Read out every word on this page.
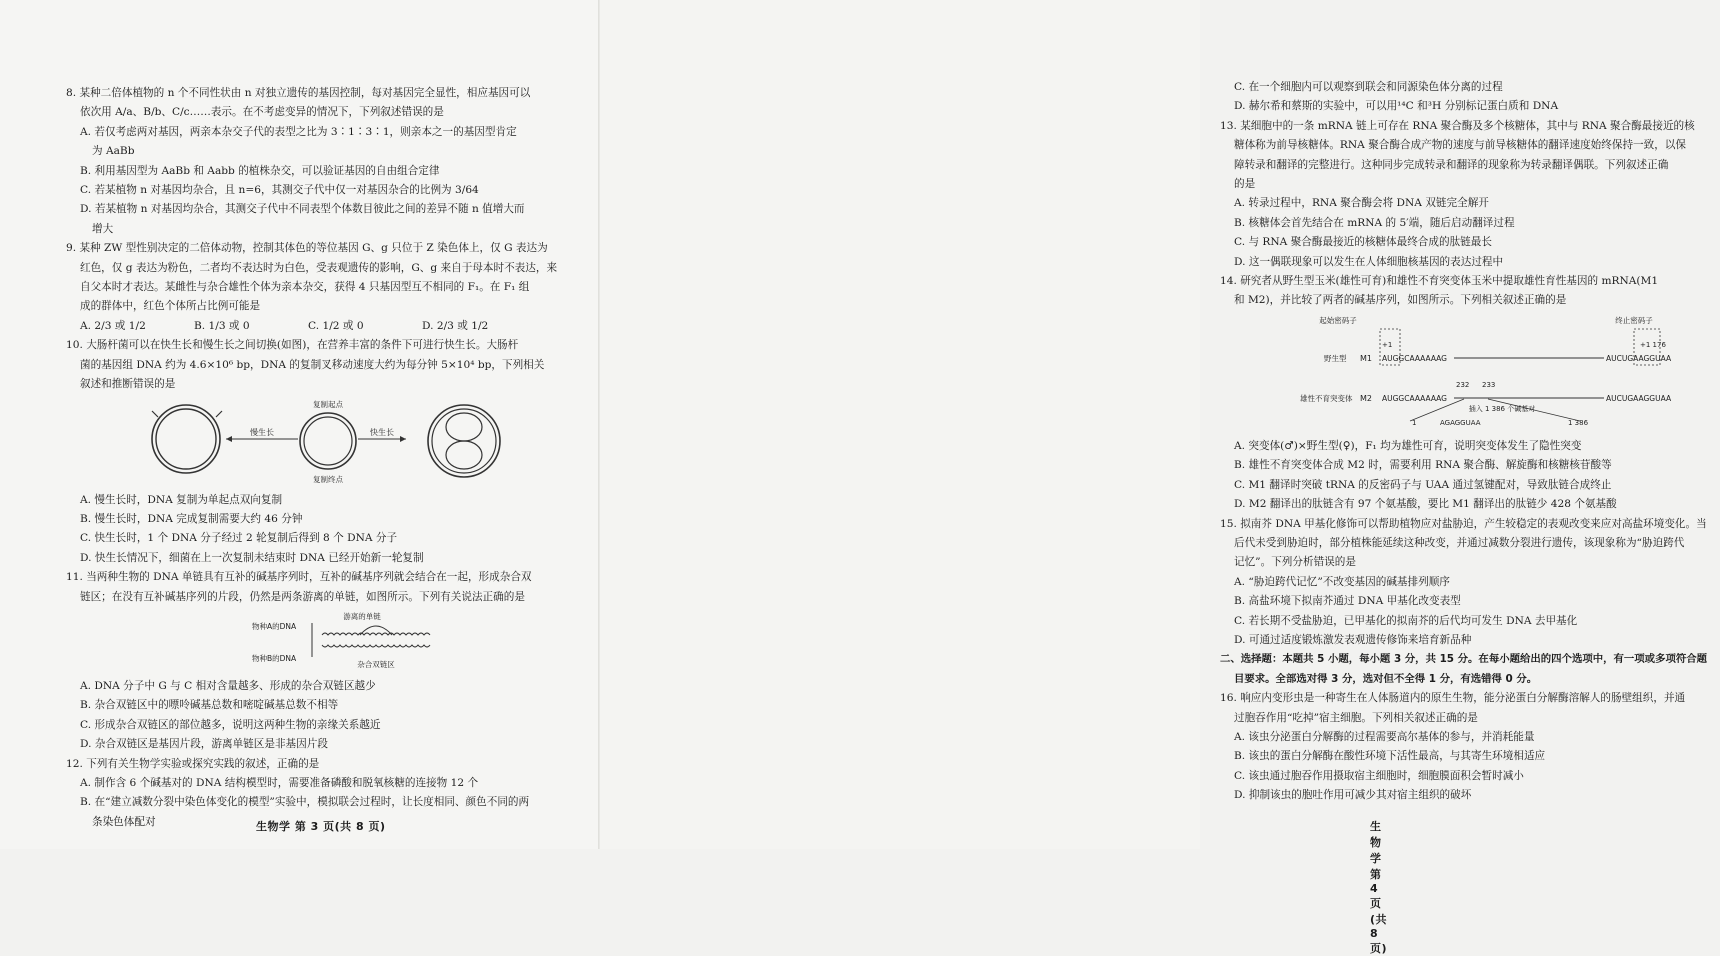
8. 某种二倍体植物的 n 个不同性状由 n 对独立遗传的基因控制，每对基因完全显性，相应基因可以
依次用 A/a、B/b、C/c……表示。在不考虑变异的情况下，下列叙述错误的是
A. 若仅考虑两对基因，两亲本杂交子代的表型之比为 3∶1∶3∶1，则亲本之一的基因型肯定
为 AaBb
B. 利用基因型为 AaBb 和 Aabb 的植株杂交，可以验证基因的自由组合定律
C. 若某植物 n 对基因均杂合，且 n=6，其测交子代中仅一对基因杂合的比例为 3/64
D. 若某植物 n 对基因均杂合，其测交子代中不同表型个体数目彼此之间的差异不随 n 值增大而
增大
9. 某种 ZW 型性别决定的二倍体动物，控制其体色的等位基因 G、g 只位于 Z 染色体上，仅 G 表达为
红色，仅 g 表达为粉色，二者均不表达时为白色，受表观遗传的影响，G、g 来自于母本时不表达，来
自父本时才表达。某雌性与杂合雄性个体为亲本杂交，获得 4 只基因型互不相同的 F₁。在 F₁ 组
成的群体中，红色个体所占比例可能是
A. 2/3 或 1/2	B. 1/3 或 0	C. 1/2 或 0	D. 2/3 或 1/2
10. 大肠杆菌可以在快生长和慢生长之间切换(如图)，在营养丰富的条件下可进行快生长。大肠杆
菌的基因组 DNA 约为 4.6×10⁶ bp，DNA 的复制叉移动速度大约为每分钟 5×10⁴ bp，下列相关
叙述和推断错误的是
慢生长
复制起点
复制终点
快生长
A. 慢生长时，DNA 复制为单起点双向复制
B. 慢生长时，DNA 完成复制需要大约 46 分钟
C. 快生长时，1 个 DNA 分子经过 2 轮复制后得到 8 个 DNA 分子
D. 快生长情况下，细菌在上一次复制未结束时 DNA 已经开始新一轮复制
11. 当两种生物的 DNA 单链具有互补的碱基序列时，互补的碱基序列就会结合在一起，形成杂合双
链区；在没有互补碱基序列的片段，仍然是两条游离的单链，如图所示。下列有关说法正确的是
物种A的DNA
物种B的DNA
游离的单链
杂合双链区
A. DNA 分子中 G 与 C 相对含量越多、形成的杂合双链区越少
B. 杂合双链区中的嘌呤碱基总数和嘧啶碱基总数不相等
C. 形成杂合双链区的部位越多，说明这两种生物的亲缘关系越近
D. 杂合双链区是基因片段，游离单链区是非基因片段
12. 下列有关生物学实验或探究实践的叙述，正确的是
A. 制作含 6 个碱基对的 DNA 结构模型时，需要准备磷酸和脱氧核糖的连接物 12 个
B. 在“建立减数分裂中染色体变化的模型”实验中，模拟联会过程时，让长度相同、颜色不同的两
条染色体配对	生物学 第 3 页(共 8 页)
C. 在一个细胞内可以观察到联会和同源染色体分离的过程
D. 赫尔希和蔡斯的实验中，可以用¹⁴C 和³H 分别标记蛋白质和 DNA
13. 某细胞中的一条 mRNA 链上可存在 RNA 聚合酶及多个核糖体，其中与 RNA 聚合酶最接近的核
糖体称为前导核糖体。RNA 聚合酶合成产物的速度与前导核糖体的翻译速度始终保持一致，以保
障转录和翻译的完整进行。这种同步完成转录和翻译的现象称为转录翻译偶联。下列叙述正确
的是
A. 转录过程中，RNA 聚合酶会将 DNA 双链完全解开
B. 核糖体会首先结合在 mRNA 的 5′端，随后启动翻译过程
C. 与 RNA 聚合酶最接近的核糖体最终合成的肽链最长
D. 这一偶联现象可以发生在人体细胞核基因的表达过程中
14. 研究者从野生型玉米(雄性可育)和雄性不育突变体玉米中提取雄性育性基因的 mRNA(M1
和 M2)，并比较了两者的碱基序列，如图所示。下列相关叙述正确的是
起始密码子	终止密码子
野生型
雄性不育突变体
M1
M2
+1	+1 176
AUGGCAAAAAAG	AUCUGAAGGUAA
232 233
AUGGCAAAAAAG	AUCUGAAGGUAA
插入 1 386 个碱基对
1	AGAGGUAA	1 386
A. 突变体(♂)×野生型(♀)，F₁ 均为雄性可育，说明突变体发生了隐性突变
B. 雄性不育突变体合成 M2 时，需要利用 RNA 聚合酶、解旋酶和核糖核苷酸等
C. M1 翻译时突破 tRNA 的反密码子与 UAA 通过氢键配对，导致肽链合成终止
D. M2 翻译出的肽链含有 97 个氨基酸，要比 M1 翻译出的肽链少 428 个氨基酸
15. 拟南芥 DNA 甲基化修饰可以帮助植物应对盐胁迫，产生较稳定的表观改变来应对高盐环境变化。当
后代未受到胁迫时，部分植株能延续这种改变，并通过减数分裂进行遗传，该现象称为“胁迫跨代
记忆”。下列分析错误的是
A. “胁迫跨代记忆”不改变基因的碱基排列顺序
B. 高盐环境下拟南芥通过 DNA 甲基化改变表型
C. 若长期不受盐胁迫，已甲基化的拟南芥的后代均可发生 DNA 去甲基化
D. 可通过适度锻炼激发表观遗传修饰来培育新品种
二、选择题：本题共 5 小题，每小题 3 分，共 15 分。在每小题给出的四个选项中，有一项或多项符合题
目要求。全部选对得 3 分，选对但不全得 1 分，有选错得 0 分。
16. 响应内变形虫是一种寄生在人体肠道内的原生生物，能分泌蛋白分解酶溶解人的肠壁组织，并通
过胞吞作用“吃掉”宿主细胞。下列相关叙述正确的是
A. 该虫分泌蛋白分解酶的过程需要高尔基体的参与，并消耗能量
B. 该虫的蛋白分解酶在酸性环境下活性最高，与其寄生环境相适应
C. 该虫通过胞吞作用摄取宿主细胞时，细胞膜面积会暂时减小
D. 抑制该虫的胞吐作用可减少其对宿主组织的破坏
生物学 第 4 页(共 8 页)
